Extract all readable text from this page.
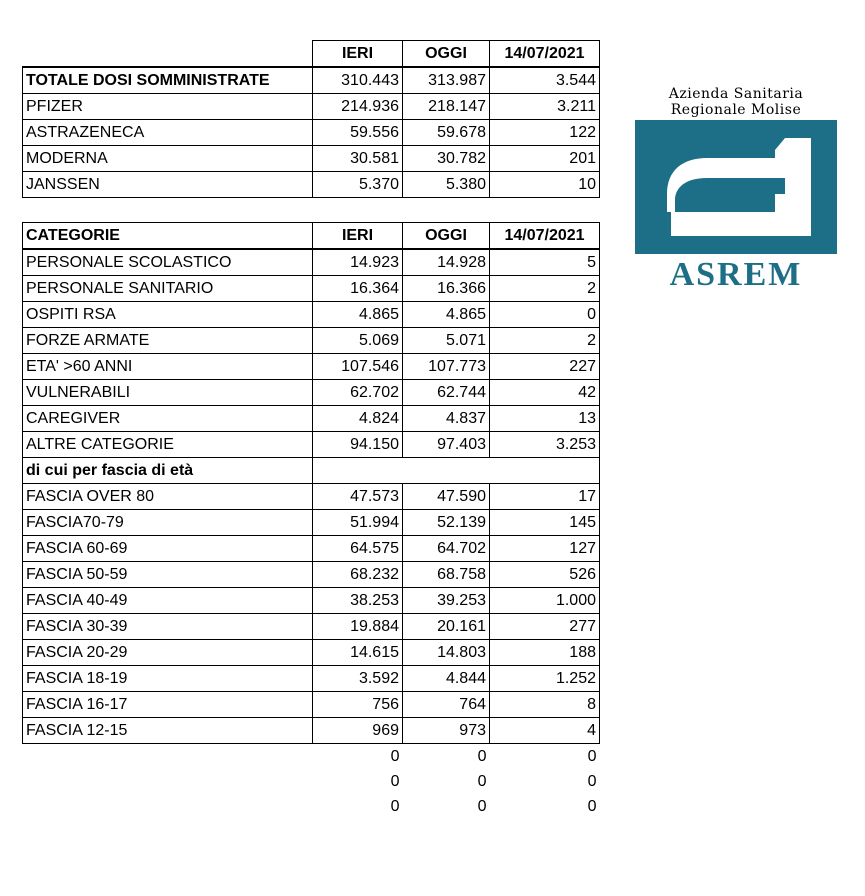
	IERI	OGGI	14/07/2021
TOTALE DOSI SOMMINISTRATE	310.443	313.987	3.544
PFIZER	214.936	218.147	3.211
ASTRAZENECA	59.556	59.678	122
MODERNA	30.581	30.782	201
JANSSEN	5.370	5.380	10
CATEGORIE	IERI	OGGI	14/07/2021
PERSONALE SCOLASTICO	14.923	14.928	5
PERSONALE SANITARIO	16.364	16.366	2
OSPITI RSA	4.865	4.865	0
FORZE ARMATE	5.069	5.071	2
ETA' >60 ANNI	107.546	107.773	227
VULNERABILI	62.702	62.744	42
CAREGIVER	4.824	4.837	13
ALTRE CATEGORIE	94.150	97.403	3.253
di cui per fascia di età			
FASCIA OVER 80	47.573	47.590	17
FASCIA70-79	51.994	52.139	145
FASCIA 60-69	64.575	64.702	127
FASCIA 50-59	68.232	68.758	526
FASCIA 40-49	38.253	39.253	1.000
FASCIA 30-39	19.884	20.161	277
FASCIA 20-29	14.615	14.803	188
FASCIA 18-19	3.592	4.844	1.252
FASCIA 16-17	756	764	8
FASCIA 12-15	969	973	4
	0	0	0
	0	0	0
	0	0	0
Azienda Sanitaria
Regionale Molise
ASREM
